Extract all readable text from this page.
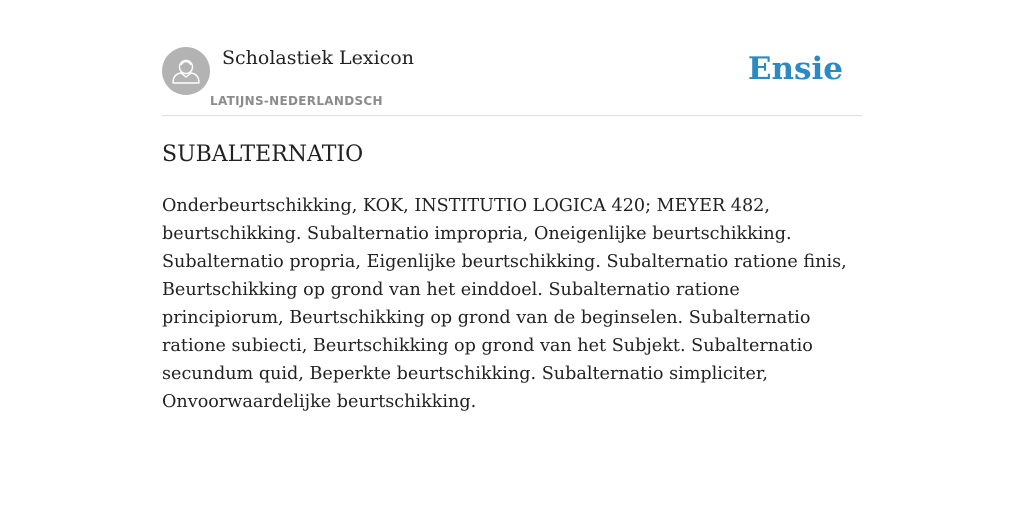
Scholastiek Lexicon
LATIJNS-NEDERLANDSCH
Ensie
SUBALTERNATIO

Onderbeurtschikking, KOK, INSTITUTIO LOGICA 420; MEYER 482, beurtschikking. Subalternatio impropria, Oneigenlijke beurtschikking. Subalternatio propria, Eigenlijke beurtschikking. Subalternatio ratione finis, Beurtschikking op grond van het einddoel. Subalternatio ratione principiorum, Beurtschikking op grond van de beginselen. Subalternatio ratione subiecti, Beurtschikking op grond van het Subjekt. Subalternatio secundum quid, Beperkte beurtschikking. Subalternatio simpliciter, Onvoorwaardelijke beurtschikking.
